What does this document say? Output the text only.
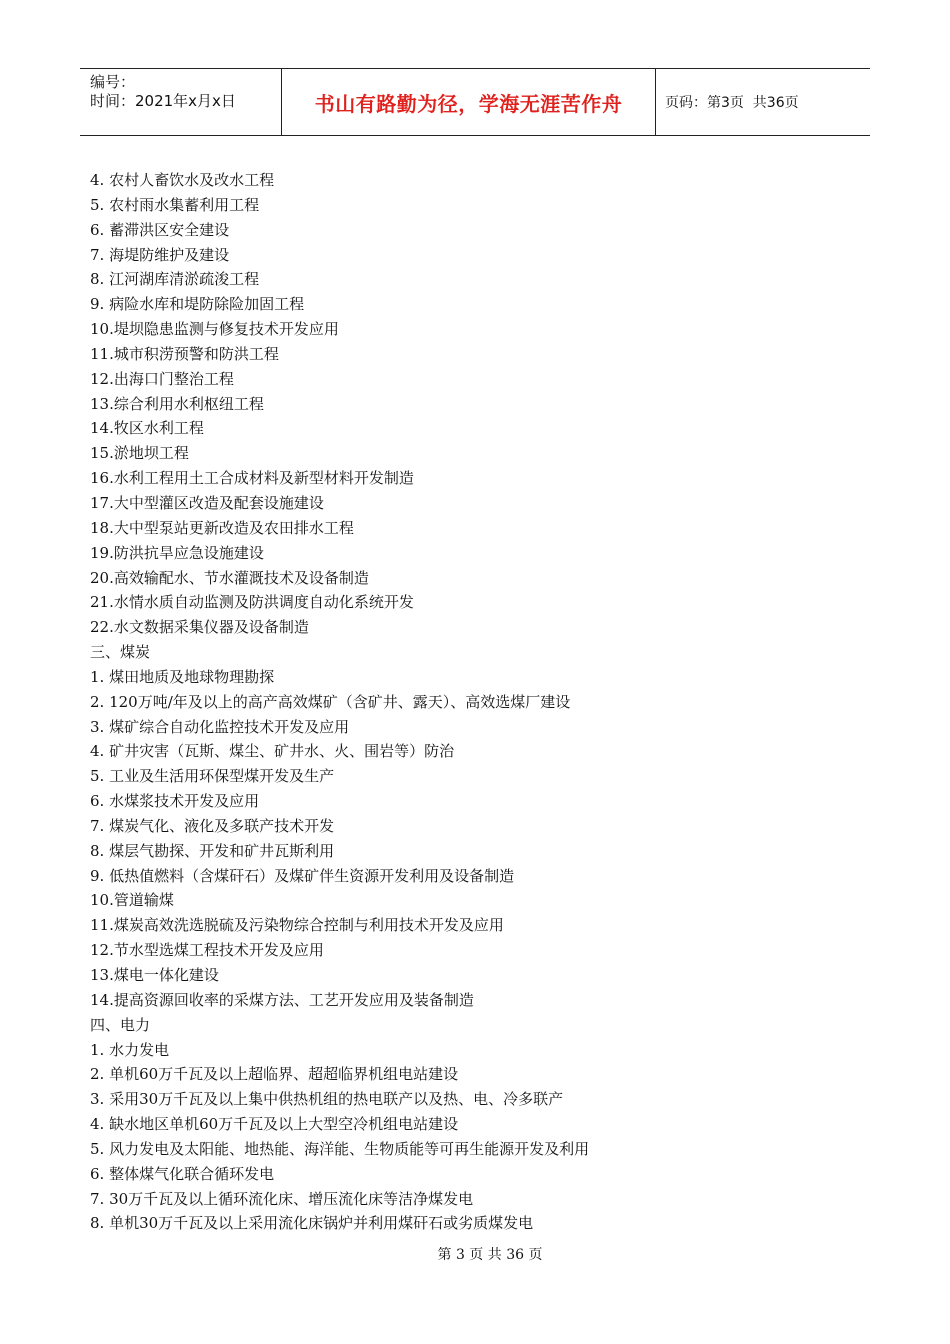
编号：
时间：2021年x月x日	书山有路勤为径，学海无涯苦作舟	页码：第3页  共36页
4. 农村人畜饮水及改水工程
5. 农村雨水集蓄利用工程
6. 蓄滞洪区安全建设
7. 海堤防维护及建设
8. 江河湖库清淤疏浚工程
9. 病险水库和堤防除险加固工程
10.堤坝隐患监测与修复技术开发应用
11.城市积涝预警和防洪工程
12.出海口门整治工程
13.综合利用水利枢纽工程
14.牧区水利工程
15.淤地坝工程
16.水利工程用土工合成材料及新型材料开发制造
17.大中型灌区改造及配套设施建设
18.大中型泵站更新改造及农田排水工程
19.防洪抗旱应急设施建设
20.高效输配水、节水灌溉技术及设备制造
21.水情水质自动监测及防洪调度自动化系统开发
22.水文数据采集仪器及设备制造
三、煤炭
1. 煤田地质及地球物理勘探
2. 120万吨/年及以上的高产高效煤矿（含矿井、露天）、高效选煤厂建设
3. 煤矿综合自动化监控技术开发及应用
4. 矿井灾害（瓦斯、煤尘、矿井水、火、围岩等）防治
5. 工业及生活用环保型煤开发及生产
6. 水煤浆技术开发及应用
7. 煤炭气化、液化及多联产技术开发
8. 煤层气勘探、开发和矿井瓦斯利用
9. 低热值燃料（含煤矸石）及煤矿伴生资源开发利用及设备制造
10.管道输煤
11.煤炭高效洗选脱硫及污染物综合控制与利用技术开发及应用
12.节水型选煤工程技术开发及应用
13.煤电一体化建设
14.提高资源回收率的采煤方法、工艺开发应用及装备制造
四、电力
1. 水力发电
2. 单机60万千瓦及以上超临界、超超临界机组电站建设
3. 采用30万千瓦及以上集中供热机组的热电联产以及热、电、冷多联产
4. 缺水地区单机60万千瓦及以上大型空冷机组电站建设
5. 风力发电及太阳能、地热能、海洋能、生物质能等可再生能源开发及利用
6. 整体煤气化联合循环发电
7. 30万千瓦及以上循环流化床、增压流化床等洁净煤发电
8. 单机30万千瓦及以上采用流化床锅炉并利用煤矸石或劣质煤发电
第 3 页 共 36 页
